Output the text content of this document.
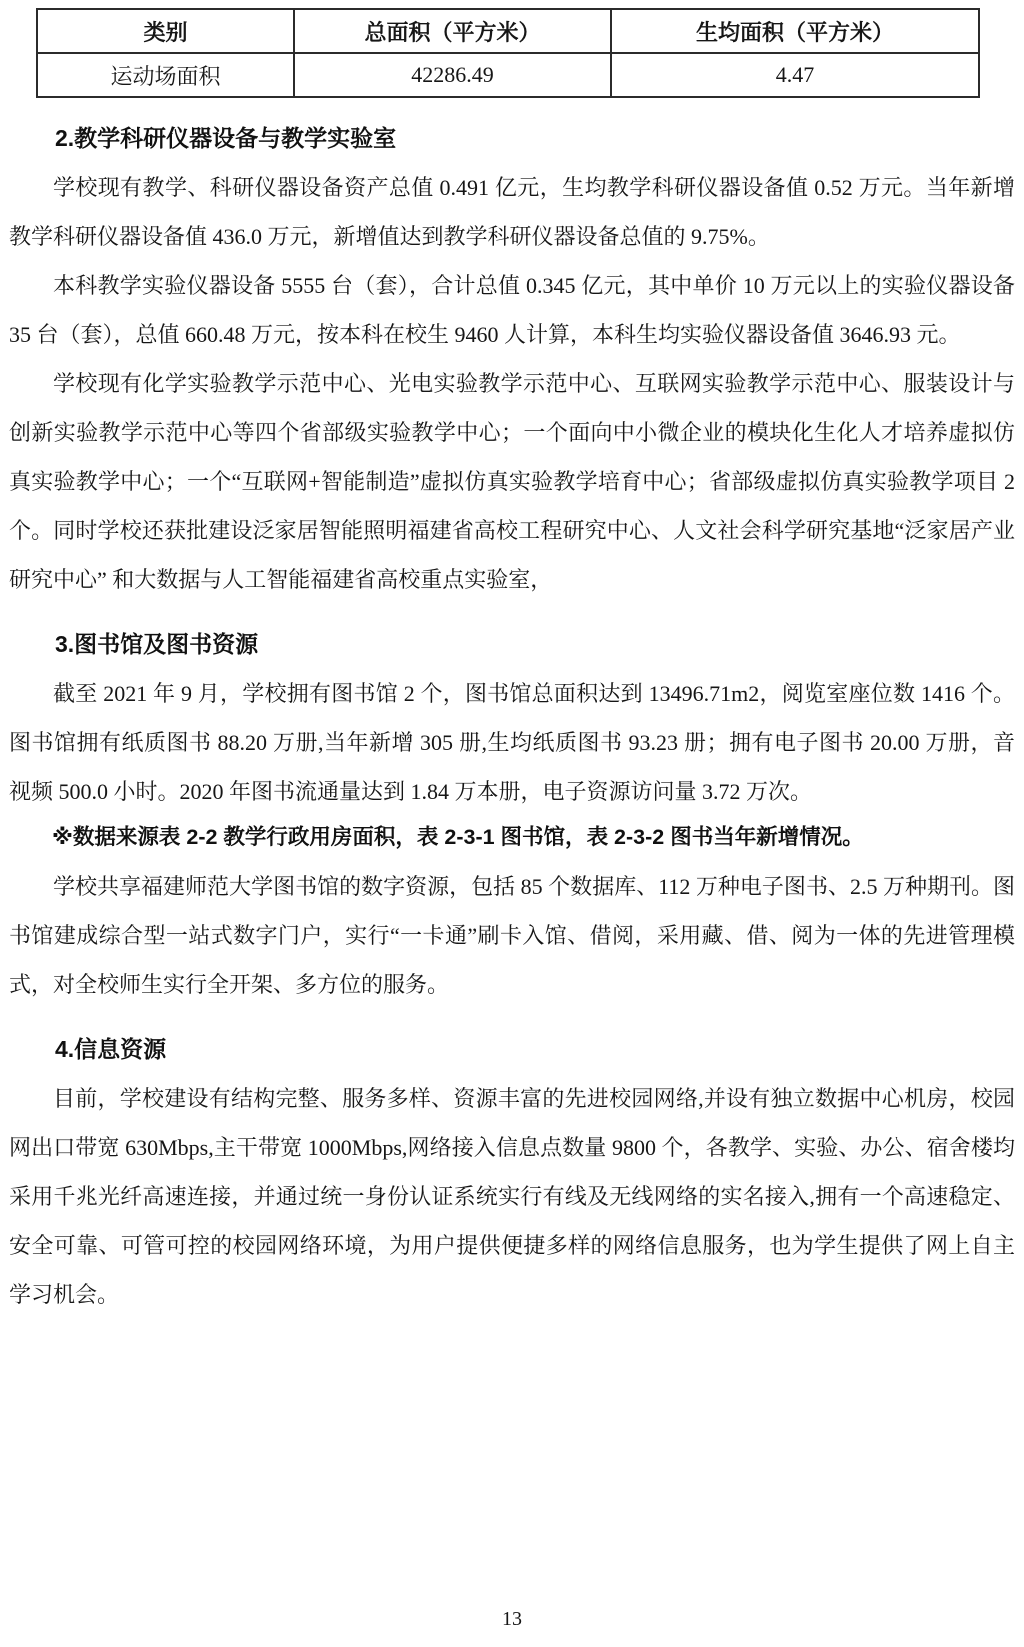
类别	总面积（平方米）	生均面积（平方米）
运动场面积	42286.49	4.47
2.教学科研仪器设备与教学实验室

学校现有教学、科研仪器设备资产总值 0.491 亿元，生均教学科研仪器设备值 0.52 万元。当年新增教学科研仪器设备值 436.0 万元，新增值达到教学科研仪器设备总值的 9.75%。

本科教学实验仪器设备 5555 台（套），合计总值 0.345 亿元，其中单价 10 万元以上的实验仪器设备 35 台（套），总值 660.48 万元，按本科在校生 9460 人计算，本科生均实验仪器设备值 3646.93 元。

学校现有化学实验教学示范中心、光电实验教学示范中心、互联网实验教学示范中心、服装设计与创新实验教学示范中心等四个省部级实验教学中心；一个面向中小微企业的模块化生化人才培养虚拟仿真实验教学中心；一个“互联网+智能制造”虚拟仿真实验教学培育中心；省部级虚拟仿真实验教学项目 2 个。同时学校还获批建设泛家居智能照明福建省高校工程研究中心、人文社会科学研究基地“泛家居产业研究中心” 和大数据与人工智能福建省高校重点实验室，

3.图书馆及图书资源

截至 2021 年 9 月，学校拥有图书馆 2 个，图书馆总面积达到 13496.71m2，阅览室座位数 1416 个。图书馆拥有纸质图书 88.20 万册,当年新增 305 册,生均纸质图书 93.23 册；拥有电子图书 20.00 万册，音视频 500.0 小时。2020 年图书流通量达到 1.84 万本册，电子资源访问量 3.72 万次。

※数据来源表 2-2 教学行政用房面积，表 2-3-1 图书馆，表 2-3-2 图书当年新增情况。

学校共享福建师范大学图书馆的数字资源，包括 85 个数据库、112 万种电子图书、2.5 万种期刊。图书馆建成综合型一站式数字门户，实行“一卡通”刷卡入馆、借阅，采用藏、借、阅为一体的先进管理模式，对全校师生实行全开架、多方位的服务。

4.信息资源

目前，学校建设有结构完整、服务多样、资源丰富的先进校园网络,并设有独立数据中心机房，校园网出口带宽 630Mbps,主干带宽 1000Mbps,网络接入信息点数量 9800 个，各教学、实验、办公、宿舍楼均采用千兆光纤高速连接，并通过统一身份认证系统实行有线及无线网络的实名接入,拥有一个高速稳定、安全可靠、可管可控的校园网络环境，为用户提供便捷多样的网络信息服务，也为学生提供了网上自主学习机会。

13
